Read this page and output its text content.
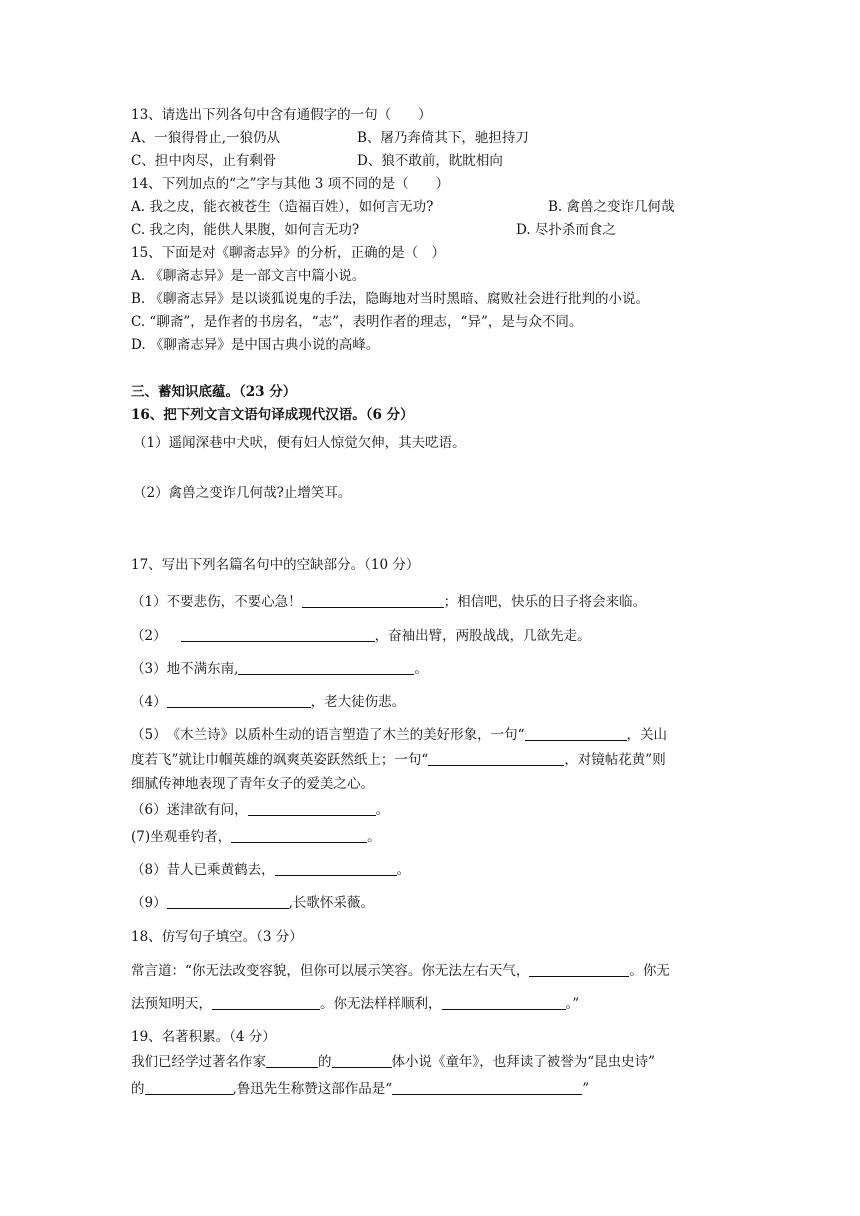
13、请选出下列各句中含有通假字的一句（　　）
A、一狼得骨止,一狼仍从	B、屠乃奔倚其下，驰担持刀
C、担中肉尽，止有剩骨	D、狼不敢前，眈眈相向
14、下列加点的“之”字与其他 3 项不同的是（　　）
A. 我之皮，能衣被苍生（造福百姓），如何言无功?	B. 禽兽之变诈几何哉
C. 我之肉，能供人果腹，如何言无功?	D. 尽扑杀而食之
15、下面是对《聊斋志异》的分析，正确的是（　）
A. 《聊斋志异》是一部文言中篇小说。
B. 《聊斋志异》是以谈狐说鬼的手法，隐晦地对当时黑暗、腐败社会进行批判的小说。
C. “聊斋”，是作者的书房名，“志”，表明作者的理志，“异”，是与众不同。
D. 《聊斋志异》是中国古典小说的高峰。
三、蓄知识底蕴。（23 分）
16、把下列文言文语句译成现代汉语。（6 分）
（1）遥闻深巷中犬吠，便有妇人惊觉欠伸，其夫呓语。
（2）禽兽之变诈几何哉?止增笑耳。
17、写出下列名篇名句中的空缺部分。（10 分）
（1）不要悲伤，不要心急！	；相信吧，快乐的日子将会来临。
（2）	，奋袖出臂，两股战战，几欲先走。
（3）地不满东南,	。
（4）	，老大徒伤悲。
（5）　《木兰诗》以质朴生动的语言塑造了木兰的美好形象，一句“	，关山
度若飞”就让巾帼英雄的飒爽英姿跃然纸上；一句“	，对镜帖花黄”则
细腻传神地表现了青年女子的爱美之心。
（6）迷津欲有问，	。
(7)坐观垂钓者，	。
（8）昔人已乘黄鹤去，	。
（9）	,长歌怀采薇。
18、仿写句子填空。（3 分）
常言道：“你无法改变容貌，但你可以展示笑容。你无法左右天气，	。你无
法预知明天，	。你无法样样顺利，	。”
19、名著积累。（4 分）
我们已经学过著名作家	的	体小说《童年》，也拜读了被誉为“昆虫史诗”
的	,鲁迅先生称赞这部作品是“	”
